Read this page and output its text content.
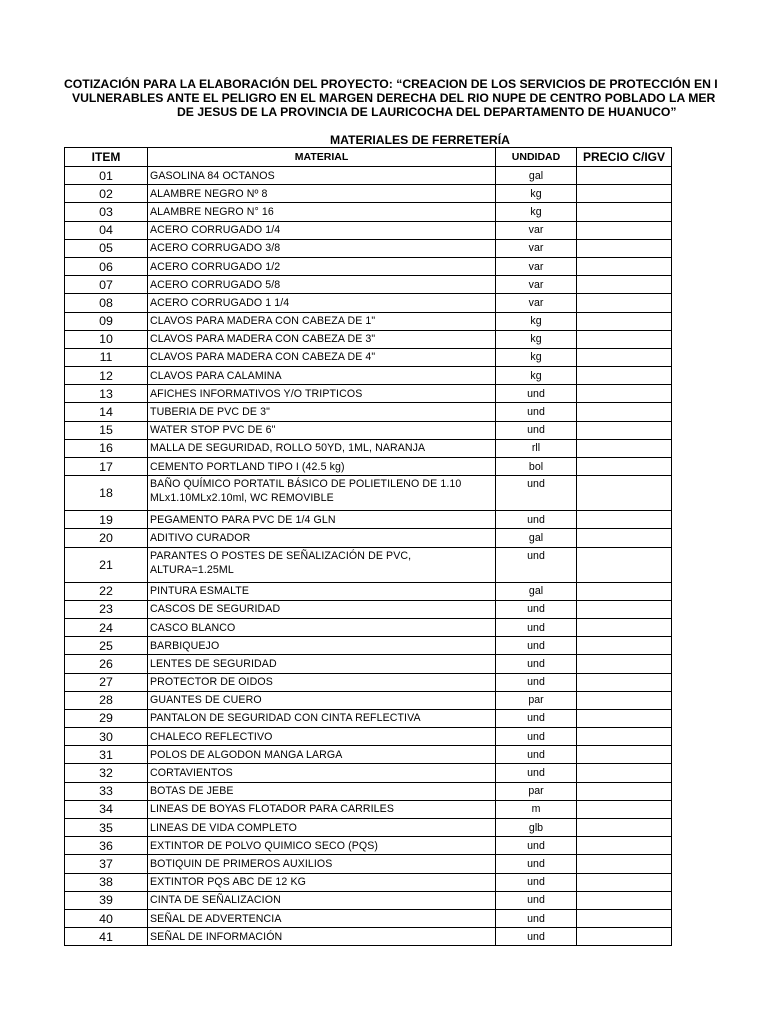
COTIZACIÓN PARA LA ELABORACIÓN DEL PROYECTO: “CREACION DE LOS SERVICIOS DE PROTECCIÓN EN I
VULNERABLES ANTE EL PELIGRO EN EL MARGEN DERECHA DEL RIO NUPE DE CENTRO POBLADO LA MER
DE JESUS DE LA PROVINCIA DE LAURICOCHA DEL DEPARTAMENTO DE HUANUCO”
MATERIALES DE FERRETERÍA
ITEM	MATERIAL	UNDIDAD	PRECIO C/IGV
01	GASOLINA 84 OCTANOS	gal	
02	ALAMBRE NEGRO Nº 8	kg	
03	ALAMBRE NEGRO N° 16	kg	
04	ACERO CORRUGADO 1/4	var	
05	ACERO CORRUGADO 3/8	var	
06	ACERO CORRUGADO 1/2	var	
07	ACERO CORRUGADO 5/8	var	
08	ACERO CORRUGADO 1 1/4	var	
09	CLAVOS PARA MADERA CON CABEZA DE 1"	kg	
10	CLAVOS PARA MADERA CON CABEZA DE 3"	kg	
11	CLAVOS PARA MADERA CON CABEZA DE 4"	kg	
12	CLAVOS PARA CALAMINA	kg	
13	AFICHES INFORMATIVOS Y/O TRIPTICOS	und	
14	TUBERIA DE PVC DE 3"	und	
15	WATER STOP PVC DE 6"	und	
16	MALLA DE SEGURIDAD, ROLLO 50YD, 1ML, NARANJA	rll	
17	CEMENTO PORTLAND TIPO I (42.5 kg)	bol	
18	BAÑO QUÍMICO PORTATIL BÁSICO DE POLIETILENO DE 1.10 MLx1.10MLx2.10ml, WC REMOVIBLE	und	
19	PEGAMENTO PARA PVC DE 1/4 GLN	und	
20	ADITIVO CURADOR	gal	
21	PARANTES O POSTES DE SEÑALIZACIÓN DE PVC, ALTURA=1.25ML	und	
22	PINTURA ESMALTE	gal	
23	CASCOS DE SEGURIDAD	und	
24	CASCO BLANCO	und	
25	BARBIQUEJO	und	
26	LENTES DE SEGURIDAD	und	
27	PROTECTOR DE OIDOS	und	
28	GUANTES DE CUERO	par	
29	PANTALON DE SEGURIDAD CON CINTA REFLECTIVA	und	
30	CHALECO REFLECTIVO	und	
31	POLOS DE ALGODON MANGA LARGA	und	
32	CORTAVIENTOS	und	
33	BOTAS DE JEBE	par	
34	LINEAS DE BOYAS FLOTADOR PARA CARRILES	m	
35	LINEAS DE VIDA COMPLETO	glb	
36	EXTINTOR DE POLVO QUIMICO SECO (PQS)	und	
37	BOTIQUIN DE PRIMEROS AUXILIOS	und	
38	EXTINTOR PQS ABC DE 12 KG	und	
39	CINTA DE SEÑALIZACION	und	
40	SEÑAL DE ADVERTENCIA	und	
41	SEÑAL DE INFORMACIÓN	und	
